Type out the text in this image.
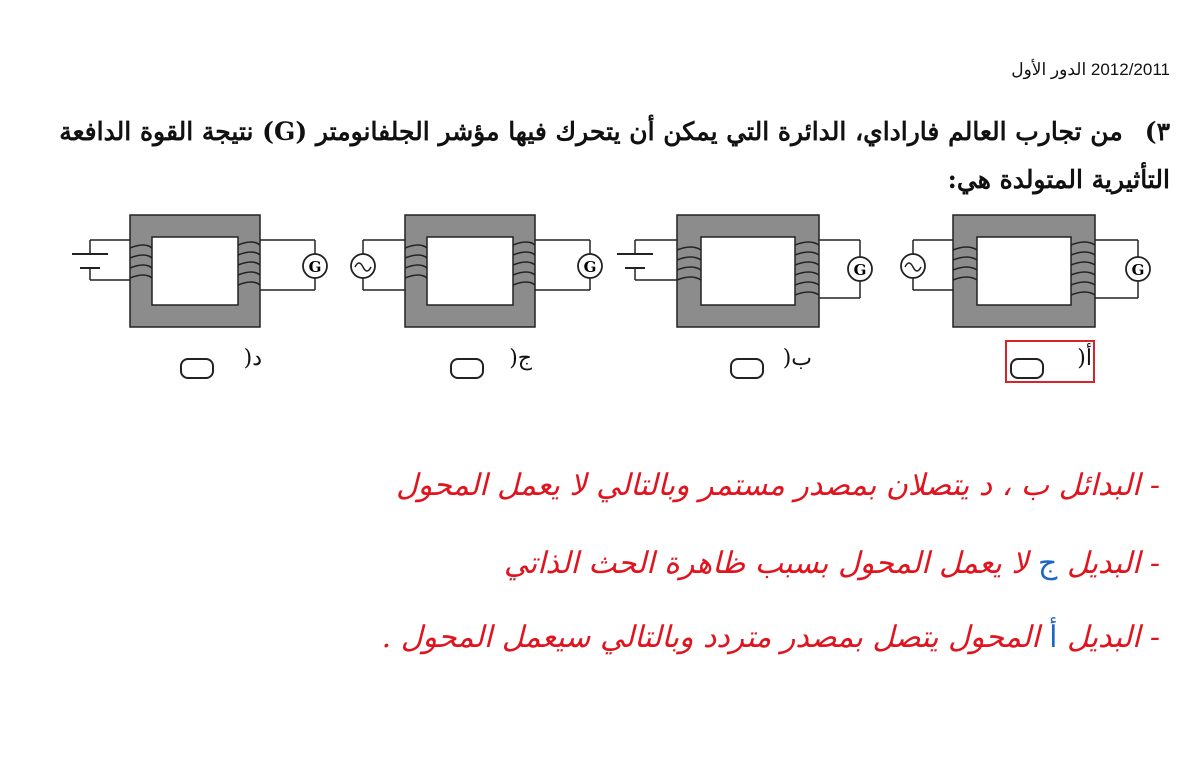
2012/2011 الدور الأول

٣)من تجارب العالم فاراداي، الدائرة التي يمكن أن يتحرك فيها مؤشر الجلفانومتر (G) نتيجة القوة الدافعة التأثيرية المتولدة هي:

G	G	G	G
د(	ج(	ب(	أ(
- البدائل ب ، د يتصلان بمصدر مستمر وبالتالي لا يعمل المحول
- البديل ج لا يعمل المحول بسبب ظاهرة الحث الذاتي
- البديل أ المحول يتصل بمصدر متردد وبالتالي سيعمل المحول .
